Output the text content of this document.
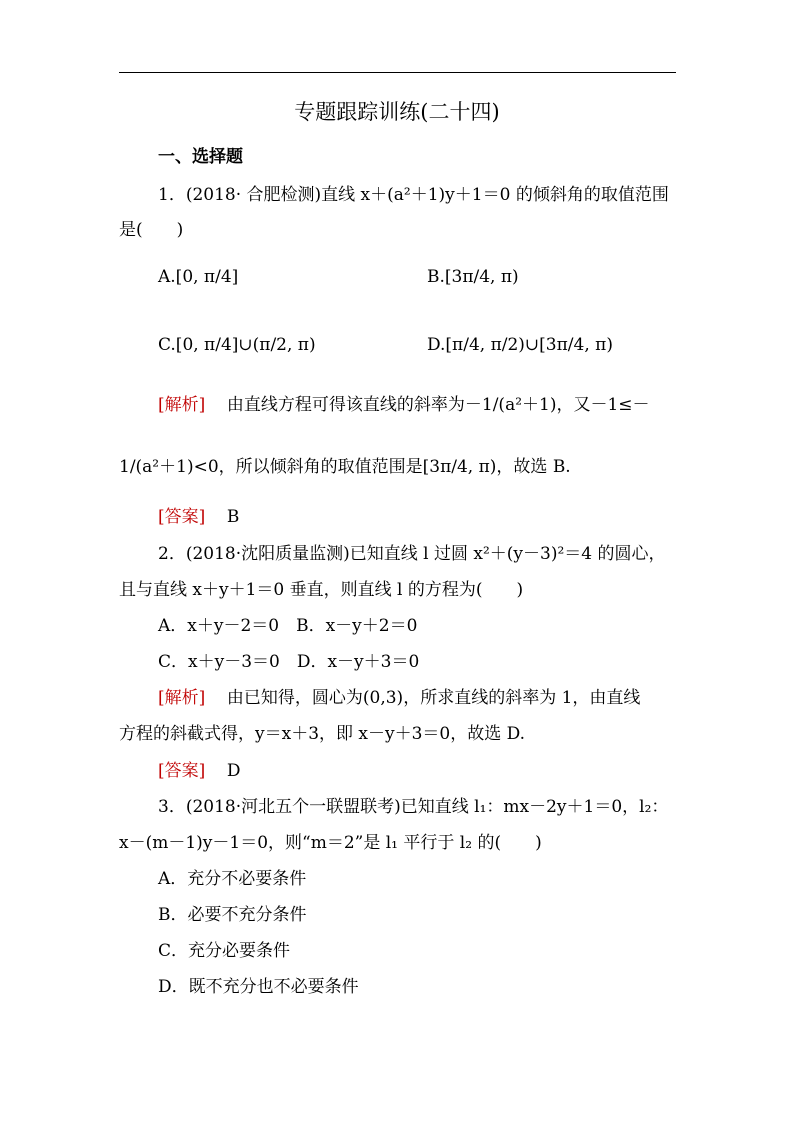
专题跟踪训练(二十四)
一、选择题
1．(2018· 合肥检测)直线 x＋(a²＋1)y＋1＝0 的倾斜角的取值范围
是(　　)
A.[0, π/4]	B.[3π/4, π)
C.[0, π/4]∪(π/2, π)	D.[π/4, π/2)∪[3π/4, π)
[解析] 由直线方程可得该直线的斜率为－1/(a²＋1)，又－1≤－
1/(a²＋1)<0，所以倾斜角的取值范围是[3π/4, π)，故选 B.
[答案] B
2．(2018·沈阳质量监测)已知直线 l 过圆 x²＋(y－3)²＝4 的圆心，
且与直线 x＋y＋1＝0 垂直，则直线 l 的方程为(　　)
A．x＋y－2＝0　B．x－y＋2＝0
C．x＋y－3＝0　D．x－y＋3＝0
[解析] 由已知得，圆心为(0,3)，所求直线的斜率为 1，由直线
方程的斜截式得，y＝x＋3，即 x－y＋3＝0，故选 D.
[答案] D
3．(2018·河北五个一联盟联考)已知直线 l₁：mx－2y＋1＝0，l₂：
x－(m－1)y－1＝0，则“m＝2”是 l₁ 平行于 l₂ 的(　　)
A．充分不必要条件
B．必要不充分条件
C．充分必要条件
D．既不充分也不必要条件
